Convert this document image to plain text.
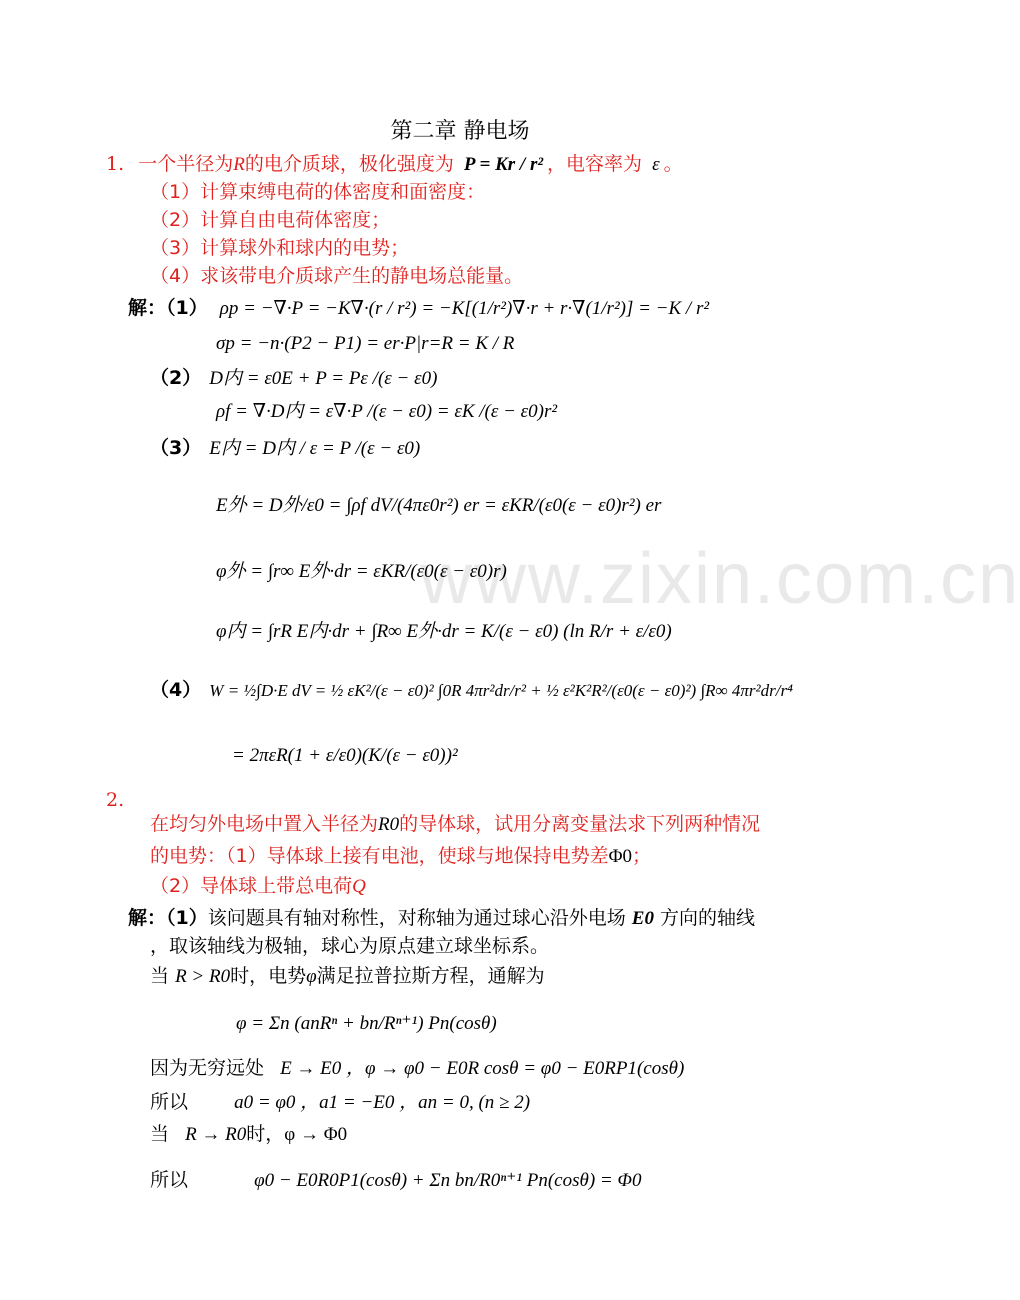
www.zixin.com.cn
第二章 静电场
1. 一个半径为R的电介质球，极化强度为 P = Kr / r² ，电容率为 ε 。
（1）计算束缚电荷的体密度和面密度：
（2）计算自由电荷体密度；
（3）计算球外和球内的电势；
（4）求该带电介质球产生的静电场总能量。
解：（1） ρp = −∇·P = −K∇·(r / r²) = −K[(1/r²)∇·r + r·∇(1/r²)] = −K / r²
σp = −n·(P2 − P1) = er·P|r=R = K / R
（2） D内 = ε0E + P = Pε /(ε − ε0)
ρf = ∇·D内 = ε∇·P /(ε − ε0) = εK /(ε − ε0)r²
（3） E内 = D内 / ε = P /(ε − ε0)
E外 = D外/ε0 = ∫ρf dV/(4πε0r²) er = εKR/(ε0(ε − ε0)r²) er
φ外 = ∫r∞ E外·dr = εKR/(ε0(ε − ε0)r)
φ内 = ∫rR E内·dr + ∫R∞ E外·dr = K/(ε − ε0) (ln R/r + ε/ε0)
（4） W = ½∫D·E dV = ½ εK²/(ε − ε0)² ∫0R 4πr²dr/r² + ½ ε²K²R²/(ε0(ε − ε0)²) ∫R∞ 4πr²dr/r⁴
= 2πεR(1 + ε/ε0)(K/(ε − ε0))²
2.
在均匀外电场中置入半径为R0的导体球，试用分离变量法求下列两种情况
的电势：（1）导体球上接有电池，使球与地保持电势差Φ0；
（2）导体球上带总电荷Q
解：（1）该问题具有轴对称性，对称轴为通过球心沿外电场 E0 方向的轴线
，取该轴线为极轴，球心为原点建立球坐标系。
当 R > R0时，电势φ满足拉普拉斯方程，通解为
φ = Σn (anRⁿ + bn/Rⁿ⁺¹) Pn(cosθ)
因为无穷远处 E → E0 ，φ → φ0 − E0R cosθ = φ0 − E0RP1(cosθ)
所以 a0 = φ0 ，a1 = −E0 ，an = 0, (n ≥ 2)
当 R → R0时，φ → Φ0
所以	φ0 − E0R0P1(cosθ) + Σn bn/R0ⁿ⁺¹ Pn(cosθ) = Φ0
